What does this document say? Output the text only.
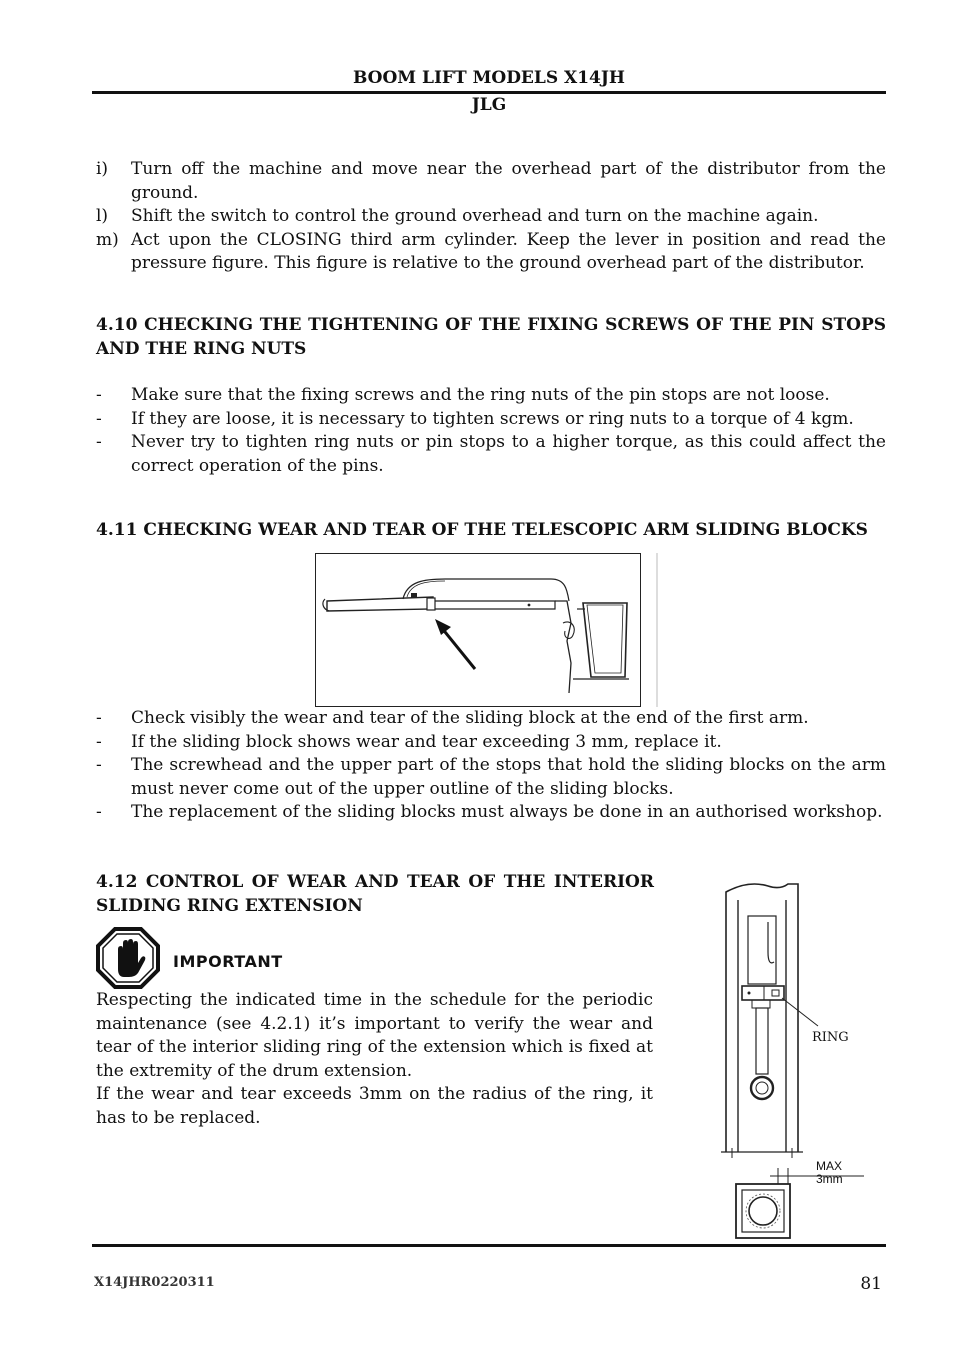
BOOM LIFT MODELS X14JH
JLG
i)	Turn off the machine and move near the overhead part of the distributor from the ground.
l)	Shift the switch to control the ground overhead and turn on the machine again.
m) Act upon the CLOSING third arm cylinder. Keep the lever in position and read the pressure figure. This figure is relative to the ground overhead part of the distributor.
4.10 CHECKING THE TIGHTENING OF THE FIXING SCREWS OF THE PIN STOPS AND THE RING NUTS
-	Make sure that the fixing screws and the ring nuts of the pin stops are not loose.
-	If they are loose, it is necessary to tighten screws or ring nuts to a torque of 4 kgm.
-	Never try to tighten ring nuts or pin stops to a higher torque, as this could affect the correct operation of the pins.
4.11 CHECKING WEAR AND TEAR OF THE TELESCOPIC ARM SLIDING BLOCKS
-	Check visibly the wear and tear of the sliding block at the end of the first arm.
-	If the sliding block shows wear and tear exceeding 3 mm, replace it.
-	The screwhead and the upper part of the stops that hold the sliding blocks on the arm must never come out of the upper outline of the sliding blocks.
-	The replacement of the sliding blocks must always be done in an authorised workshop.
4.12 CONTROL OF WEAR AND TEAR OF THE INTERIOR SLIDING RING EXTENSION
IMPORTANT
Respecting the indicated time in the schedule for the periodic maintenance (see 4.2.1) it’s important to verify the wear and tear of the interior sliding ring of the extension which is fixed at the extremity of the drum extension.
If the wear and tear exceeds 3mm on the radius of the ring, it has to be replaced.
RING
MAX
3mm
X14JHR0220311	81
